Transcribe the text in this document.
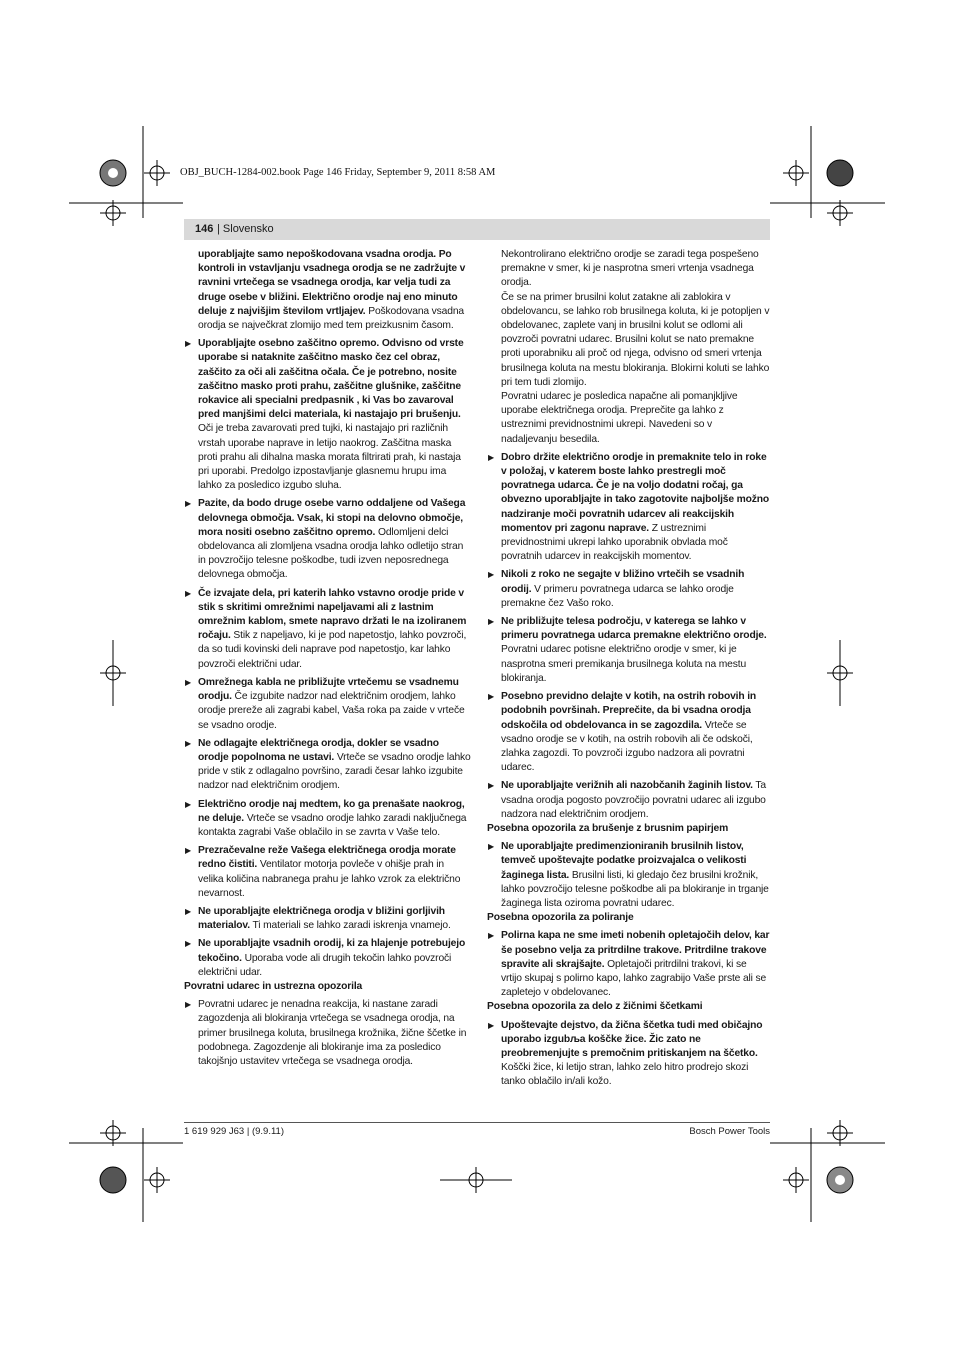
OBJ_BUCH-1284-002.book Page 146 Friday, September 9, 2011 8:58 AM
146 | Slovensko

uporabljajte samo nepoškodovana vsadna orodja. Po kontroli in vstavljanju vsadnega orodja se ne zadržujte v ravnini vrtečega se vsadnega orodja, kar velja tudi za druge osebe v bližini. Električno orodje naj eno minuto deluje z najvišjim številom vrtljajev. Poškodovana vsadna orodja se največkrat zlomijo med tem preizkusnim časom.

▶ Uporabljajte osebno zaščitno opremo. Odvisno od vrste uporabe si nataknite zaščitno masko čez cel obraz, zaščito za oči ali zaščitna očala. Če je potrebno, nosite zaščitno masko proti prahu, zaščitne glušnike, zaščitne rokavice ali specialni predpasnik , ki Vas bo zavaroval pred manjšimi delci materiala, ki nastajajo pri brušenju. Oči je treba zavarovati pred tujki, ki nastajajo pri različnih vrstah uporabe naprave in letijo naokrog. Zaščitna maska proti prahu ali dihalna maska morata filtrirati prah, ki nastaja pri uporabi. Predolgo izpostavljanje glasnemu hrupu ima lahko za posledico izgubo sluha.
▶ Pazite, da bodo druge osebe varno oddaljene od Vašega delovnega območja. Vsak, ki stopi na delovno območje, mora nositi osebno zaščitno opremo. Odlomljeni delci obdelovanca ali zlomljena vsadna orodja lahko odletijo stran in povzročijo telesne poškodbe, tudi izven neposrednega delovnega območja.
▶ Če izvajate dela, pri katerih lahko vstavno orodje pride v stik s skritimi omrežnimi napeljavami ali z lastnim omrežnim kablom, smete napravo držati le na izoliranem ročaju. Stik z napeljavo, ki je pod napetostjo, lahko povzroči, da so tudi kovinski deli naprave pod napetostjo, kar lahko povzroči električni udar.
▶ Omrežnega kabla ne približujte vrtečemu se vsadnemu orodju. Če izgubite nadzor nad električnim orodjem, lahko orodje prereže ali zagrabi kabel, Vaša roka pa zaide v vrteče se vsadno orodje.
▶ Ne odlagajte električnega orodja, dokler se vsadno orodje popolnoma ne ustavi. Vrteče se vsadno orodje lahko pride v stik z odlagalno površino, zaradi česar lahko izgubite nadzor nad električnim orodjem.
▶ Električno orodje naj medtem, ko ga prenašate naokrog, ne deluje. Vrteče se vsadno orodje lahko zaradi naključnega kontakta zagrabi Vaše oblačilo in se zavrta v Vaše telo.
▶ Prezračevalne reže Vašega električnega orodja morate redno čistiti. Ventilator motorja povleče v ohišje prah in velika količina nabranega prahu je lahko vzrok za električno nevarnost.
▶ Ne uporabljajte električnega orodja v bližini gorljivih materialov. Ti materiali se lahko zaradi iskrenja vnamejo.
▶ Ne uporabljajte vsadnih orodij, ki za hlajenje potrebujejo tekočino. Uporaba vode ali drugih tekočin lahko povzroči električni udar.

Povratni udarec in ustrezna opozorila

▶ Povratni udarec je nenadna reakcija, ki nastane zaradi zagozdenja ali blokiranja vrtečega se vsadnega orodja, na primer brusilnega koluta, brusilnega krožnika, žične ščetke in podobnega. Zagozdenje ali blokiranje ima za posledico takojšnjo ustavitev vrtečega se vsadnega orodja.

Nekontrolirano električno orodje se zaradi tega pospešeno premakne v smer, ki je nasprotna smeri vrtenja vsadnega orodja.

Če se na primer brusilni kolut zatakne ali zablokira v obdelovancu, se lahko rob brusilnega koluta, ki je potopljen v obdelovanec, zaplete vanj in brusilni kolut se odlomi ali povzroči povratni udarec. Brusilni kolut se nato premakne proti uporabniku ali proč od njega, odvisno od smeri vrtenja brusilnega koluta na mestu blokiranja. Blokirni koluti se lahko pri tem tudi zlomijo.

Povratni udarec je posledica napačne ali pomanjkljive uporabe električnega orodja. Preprečite ga lahko z ustreznimi previdnostnimi ukrepi. Navedeni so v nadaljevanju besedila.

▶ Dobro držite električno orodje in premaknite telo in roke v položaj, v katerem boste lahko prestregli moč povratnega udarca. Če je na voljo dodatni ročaj, ga obvezno uporabljajte in tako zagotovite najboljše možno nadziranje moči povratnih udarcev ali reakcijskih momentov pri zagonu naprave. Z ustreznimi previdnostnimi ukrepi lahko uporabnik obvlada moč povratnih udarcev in reakcijskih momentov.
▶ Nikoli z roko ne segajte v bližino vrtečih se vsadnih orodij. V primeru povratnega udarca se lahko orodje premakne čez Vašo roko.
▶ Ne približujte telesa področju, v katerega se lahko v primeru povratnega udarca premakne električno orodje. Povratni udarec potisne električno orodje v smer, ki je nasprotna smeri premikanja brusilnega koluta na mestu blokiranja.
▶ Posebno previdno delajte v kotih, na ostrih robovih in podobnih površinah. Preprečite, da bi vsadna orodja odskočila od obdelovanca in se zagozdila. Vrteče se vsadno orodje se v kotih, na ostrih robovih ali če odskoči, zlahka zagozdi. To povzroči izgubo nadzora ali povratni udarec.
▶ Ne uporabljajte verižnih ali nazobčanih žaginih listov. Ta vsadna orodja pogosto povzročijo povratni udarec ali izgubo nadzora nad električnim orodjem.

Posebna opozorila za brušenje z brusnim papirjem

▶ Ne uporabljajte predimenzioniranih brusilnih listov, temveč upoštevajte podatke proizvajalca o velikosti žaginega lista. Brusilni listi, ki gledajo čez brusilni krožnik, lahko povzročijo telesne poškodbe ali pa blokiranje in trganje žaginega lista oziroma povratni udarec.

Posebna opozorila za poliranje

▶ Polirna kapa ne sme imeti nobenih opletajočih delov, kar še posebno velja za pritrdilne trakove. Pritrdilne trakove spravite ali skrajšajte. Opletajoči pritrdilni trakovi, ki se vrtijo skupaj s polirno kapo, lahko zagrabijo Vaše prste ali se zapletejo v obdelovanec.

Posebna opozorila za delo z žičnimi ščetkami

▶ Upoštevajte dejstvo, da žična ščetka tudi med običajno uporabo izgubља koščke žice. Žic zato ne preobremenjujte s premočnim pritiskanjem na ščetko. Koščki žice, ki letijo stran, lahko zelo hitro prodrejo skozi tanko oblačilo in/ali kožo.
1 619 929 J63 | (9.9.11)	Bosch Power Tools
